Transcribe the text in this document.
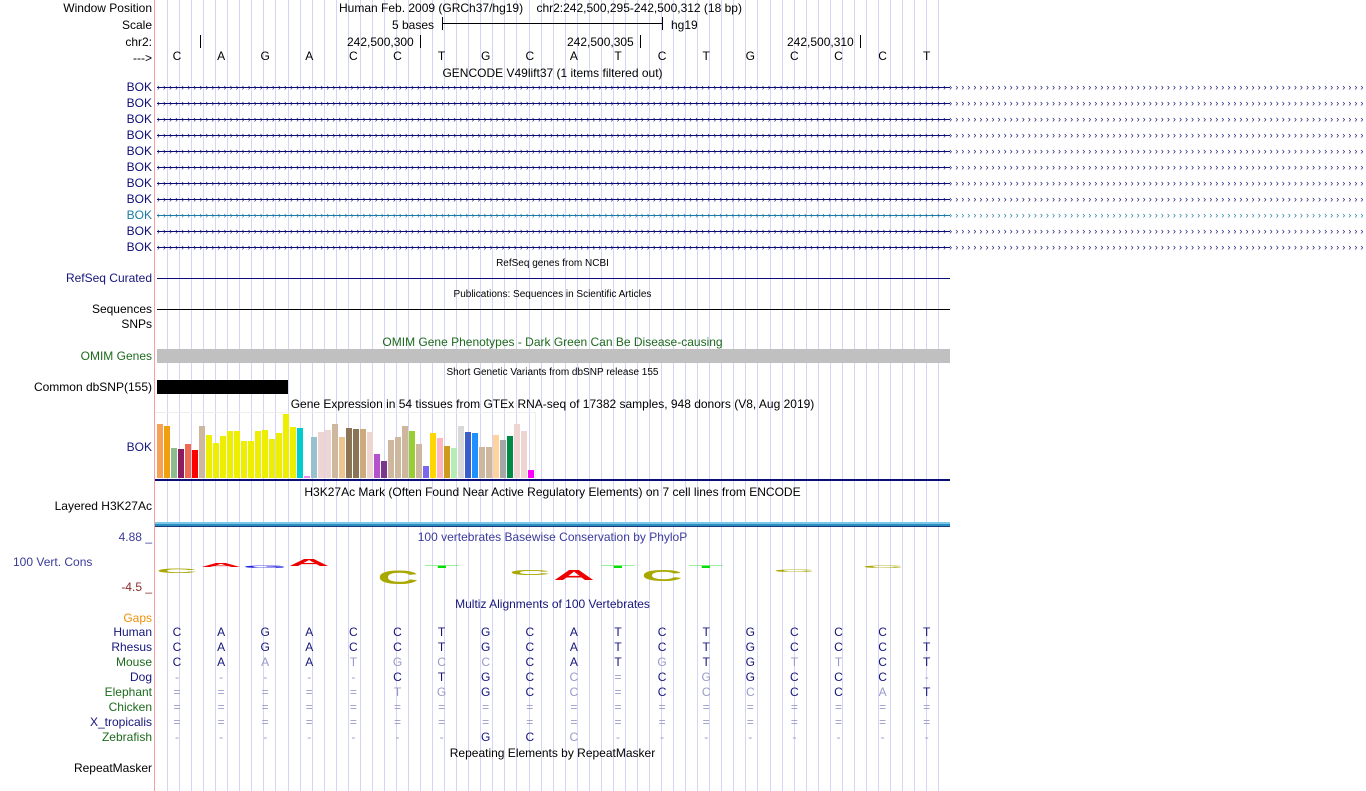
Window Position
Scale
chr2:
--->
Human Feb. 2009 (GRCh37/hg19) chr2:242,500,295-242,500,312 (18 bp)
5 bases	hg19
242,500,300	242,500,305	242,500,310
C	A	G	A	C	C	T	G	C	A	T	C	T	G	C	C	C	T
GENCODE V49lift37 (1 items filtered out)
BOK ››››››››››››››››››››››››››››››››››››››››››››››››››››››››››››››››››››››››››››››››››››››››››››››››››››››››››››››››››››››››››››››››››››››››››››››››››››››››››››››››››››››››››››››››››››››››››››››››››››››››
BOK ››››››››››››››››››››››››››››››››››››››››››››››››››››››››››››››››››››››››››››››››››››››››››››››››››››››››››››››››››››››››››››››››››››››››››››››››››››››››››››››››››››››››››››››››››››››››››››››››››››››››
BOK ››››››››››››››››››››››››››››››››››››››››››››››››››››››››››››››››››››››››››››››››››››››››››››››››››››››››››››››››››››››››››››››››››››››››››››››››››››››››››››››››››››››››››››››››››››››››››››››››››››››››
BOK ››››››››››››››››››››››››››››››››››››››››››››››››››››››››››››››››››››››››››››››››››››››››››››››››››››››››››››››››››››››››››››››››››››››››››››››››››››››››››››››››››››››››››››››››››››››››››››››››››››››››
BOK ››››››››››››››››››››››››››››››››››››››››››››››››››››››››››››››››››››››››››››››››››››››››››››››››››››››››››››››››››››››››››››››››››››››››››››››››››››››››››››››››››››››››››››››››››››››››››››››››››››››››
BOK ››››››››››››››››››››››››››››››››››››››››››››››››››››››››››››››››››››››››››››››››››››››››››››››››››››››››››››››››››››››››››››››››››››››››››››››››››››››››››››››››››››››››››››››››››››››››››››››››››››››››
BOK ››››››››››››››››››››››››››››››››››››››››››››››››››››››››››››››››››››››››››››››››››››››››››››››››››››››››››››››››››››››››››››››››››››››››››››››››››››››››››››››››››››››››››››››››››››››››››››››››››››››››
BOK ››››››››››››››››››››››››››››››››››››››››››››››››››››››››››››››››››››››››››››››››››››››››››››››››››››››››››››››››››››››››››››››››››››››››››››››››››››››››››››››››››››››››››››››››››››››››››››››››››››››››
BOK ››››››››››››››››››››››››››››››››››››››››››››››››››››››››››››››››››››››››››››››››››››››››››››››››››››››››››››››››››››››››››››››››››››››››››››››››››››››››››››››››››››››››››››››››››››››››››››››››››››››››
BOK ››››››››››››››››››››››››››››››››››››››››››››››››››››››››››››››››››››››››››››››››››››››››››››››››››››››››››››››››››››››››››››››››››››››››››››››››››››››››››››››››››››››››››››››››››››››››››››››››››››››››
BOK ››››››››››››››››››››››››››››››››››››››››››››››››››››››››››››››››››››››››››››››››››››››››››››››››››››››››››››››››››››››››››››››››››››››››››››››››››››››››››››››››››››››››››››››››››››››››››››››››››››››››
RefSeq genes from NCBI
RefSeq Curated
Publications: Sequences in Scientific Articles
Sequences
SNPs
OMIM Gene Phenotypes - Dark Green Can Be Disease-causing
OMIM Genes
Short Genetic Variants from dbSNP release 155
Common dbSNP(155)
Gene Expression in 54 tissues from GTEx RNA-seq of 17382 samples, 948 donors (V8, Aug 2019)
BOK
H3K27Ac Mark (Often Found Near Active Regulatory Elements) on 7 cell lines from ENCODE
Layered H3K27Ac
100 vertebrates Basewise Conservation by PhyloP
4.88 _
100 Vert. Cons
-4.5 _
C
A G A
C
T
C A
T
C
T
C
C
Multiz Alignments of 100 Vertebrates
Gaps
Human	C	A	G	A	C	C	T	G	C	A	T	C	T	G	C	C	C	T
Rhesus	C	A	G	A	C	C	T	G	C	A	T	C	T	G	C	C	C	T
Mouse	C	A	A	A	T	G	C	C	C	A	T	G	T	G	T	T	C	T
Dog	-	-	-	-	-	C	T	G	C	C	=	C	G	G	C	C	C	-
Elephant	=	=	=	=	=	T	G	G	C	C	=	C	C	C	C	C	A	T
Chicken	=	=	=	=	=	=	=	=	=	=	=	=	=	=	=	=	=	=
X_tropicalis	=	=	=	=	=	=	=	=	=	=	=	=	=	=	=	=	=	=
Zebrafish	-	-	-	-	-	-	-	G	C	C	-	-	-	-	-	-	-	-
Repeating Elements by RepeatMasker
RepeatMasker
